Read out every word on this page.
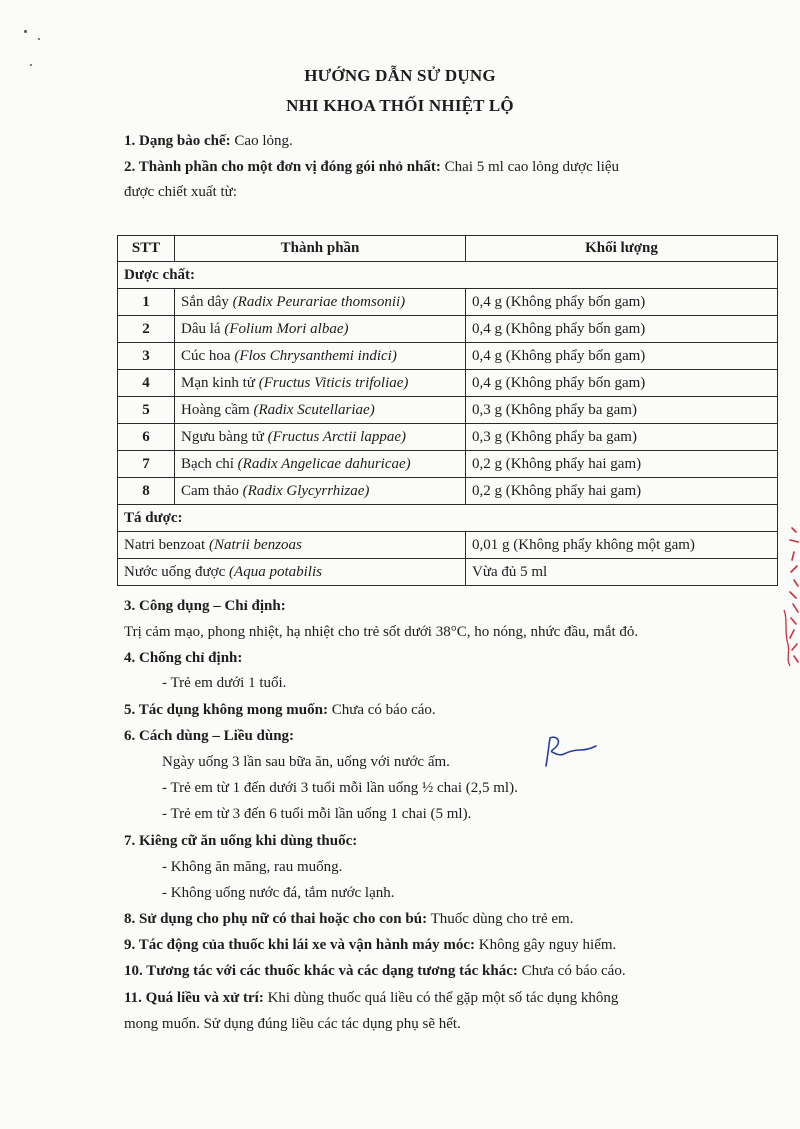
HƯỚNG DẪN SỬ DỤNG
NHI KHOA THỐI NHIỆT LỘ
1. Dạng bào chế: Cao lỏng.
2. Thành phần cho một đơn vị đóng gói nhỏ nhất: Chai 5 ml cao lỏng dược liệu
được chiết xuất từ:
STT	Thành phần	Khối lượng
Dược chất:		
1	Sắn dây (Radix Peurariae thomsonii)	0,4 g (Không phẩy bốn gam)
2	Dâu lá (Folium Mori albae)	0,4 g (Không phẩy bốn gam)
3	Cúc hoa (Flos Chrysanthemi indici)	0,4 g (Không phẩy bốn gam)
4	Mạn kinh tử (Fructus Viticis trifoliae)	0,4 g (Không phẩy bốn gam)
5	Hoàng cầm (Radix Scutellariae)	0,3 g (Không phẩy ba gam)
6	Ngưu bàng tử (Fructus Arctii lappae)	0,3 g (Không phẩy ba gam)
7	Bạch chỉ (Radix Angelicae dahuricae)	0,2 g (Không phẩy hai gam)
8	Cam thảo (Radix Glycyrrhizae)	0,2 g (Không phẩy hai gam)
Tá dược:		
Natri benzoat (Natrii benzoas		0,01 g (Không phẩy không một gam)
Nước uống được (Aqua potabilis		Vừa đủ 5 ml
3. Công dụng – Chỉ định:
Trị cảm mạo, phong nhiệt, hạ nhiệt cho trẻ sốt dưới 38°C, ho nóng, nhức đầu, mắt đỏ.
4. Chống chỉ định:
- Trẻ em dưới 1 tuổi.
5. Tác dụng không mong muốn: Chưa có báo cáo.
6. Cách dùng – Liều dùng:
Ngày uống 3 lần sau bữa ăn, uống với nước ấm.
- Trẻ em từ 1 đến dưới 3 tuổi mỗi lần uống ½ chai (2,5 ml).
- Trẻ em từ 3 đến 6 tuổi mỗi lần uống 1 chai (5 ml).
7. Kiêng cữ ăn uống khi dùng thuốc:
- Không ăn măng, rau muống.
- Không uống nước đá, tắm nước lạnh.
8. Sử dụng cho phụ nữ có thai hoặc cho con bú: Thuốc dùng cho trẻ em.
9. Tác động của thuốc khi lái xe và vận hành máy móc: Không gây nguy hiểm.
10. Tương tác với các thuốc khác và các dạng tương tác khác: Chưa có báo cáo.
11. Quá liều và xử trí: Khi dùng thuốc quá liều có thể gặp một số tác dụng không
mong muốn. Sử dụng đúng liều các tác dụng phụ sẽ hết.
